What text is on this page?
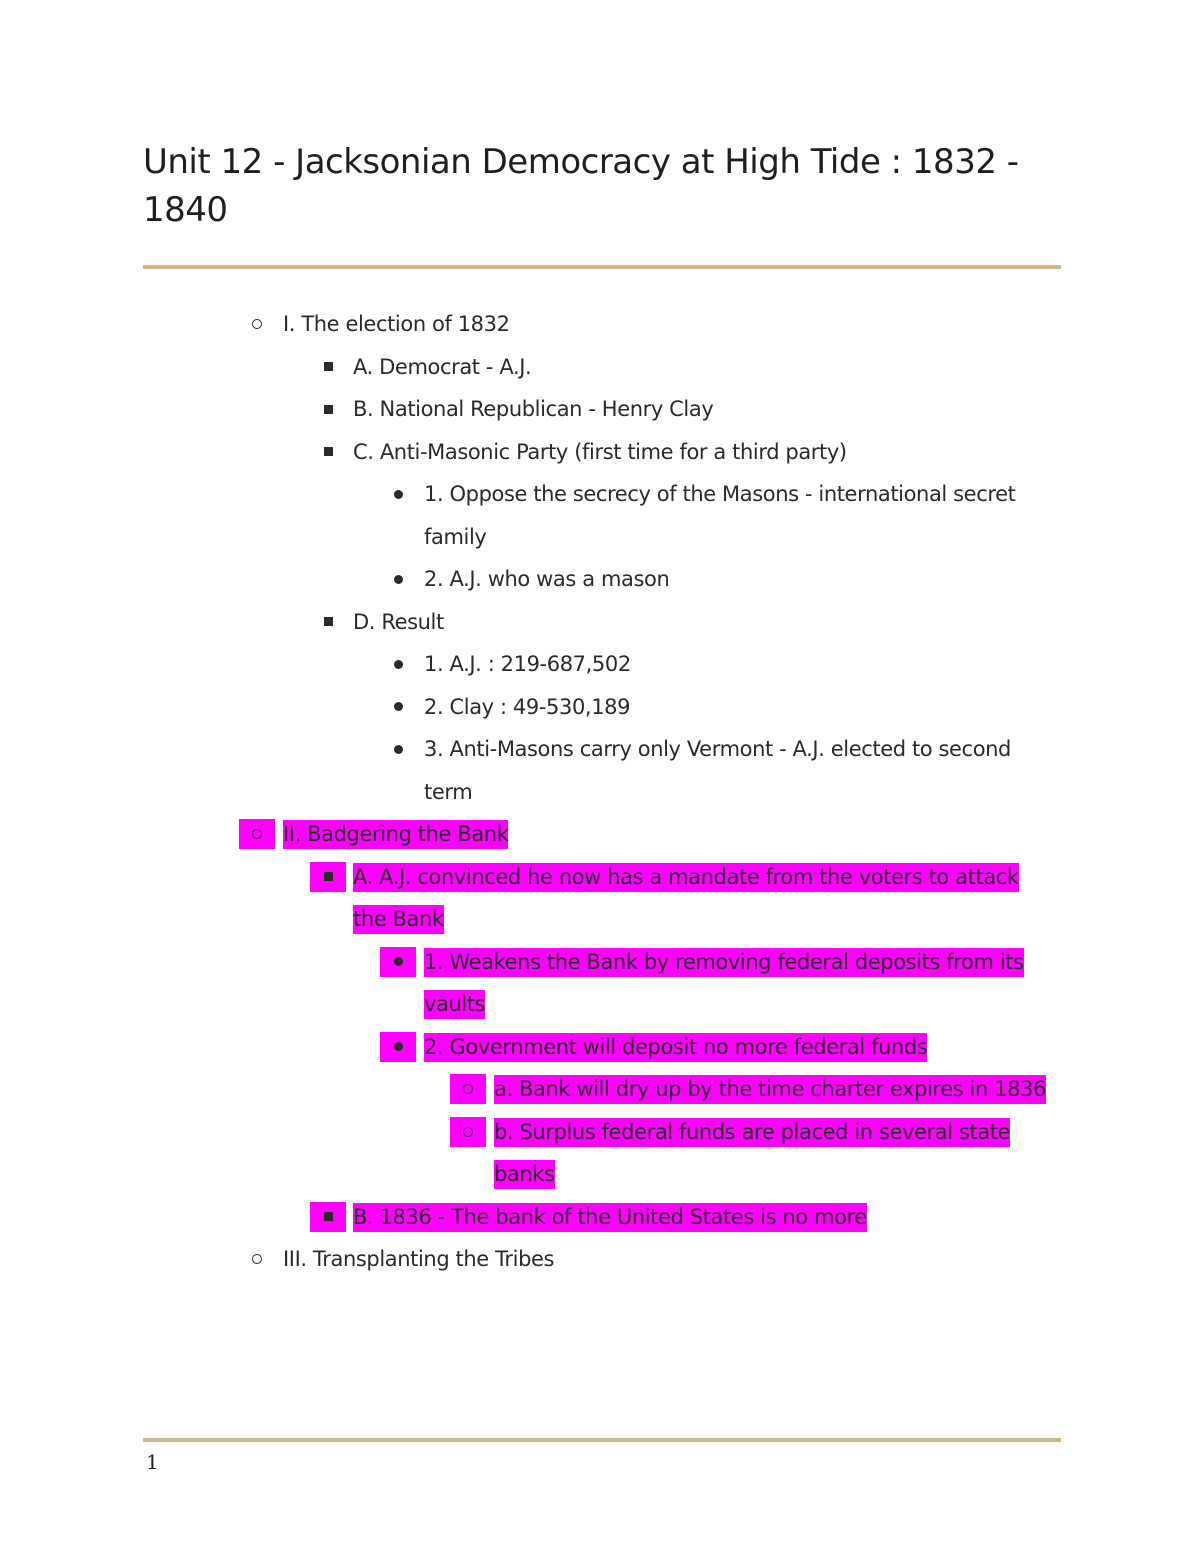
Unit 12 - Jacksonian Democracy at High Tide : 1832 - 1840
I. The election of 1832
A. Democrat - A.J.
B. National Republican - Henry Clay
C. Anti-Masonic Party (first time for a third party)
1. Oppose the secrecy of the Masons - international secret family
2. A.J. who was a mason
D. Result
1. A.J. : 219-687,502
2. Clay : 49-530,189
3. Anti-Masons carry only Vermont - A.J. elected to second term
II. Badgering the Bank
A. A.J. convinced he now has a mandate from the voters to attack the Bank
1. Weakens the Bank by removing federal deposits from its vaults
2. Government will deposit no more federal funds
a. Bank will dry up by the time charter expires in 1836
b. Surplus federal funds are placed in several state banks
B. 1836 - The bank of the United States is no more
III. Transplanting the Tribes
1
